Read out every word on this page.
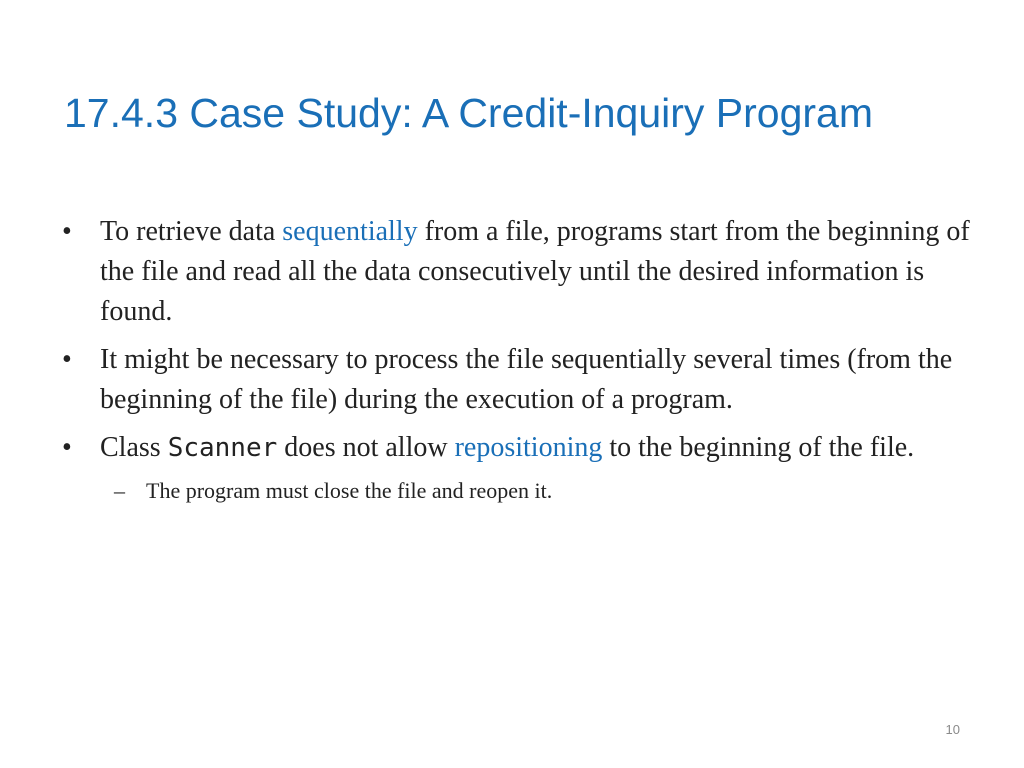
17.4.3 Case Study: A Credit-Inquiry Program
•	To retrieve data sequentially from a file, programs start from the beginning of the file and read all the data consecutively until the desired information is found.
•	It might be necessary to process the file sequentially several times (from the beginning of the file) during the execution of a program.
•	Class Scanner does not allow repositioning to the beginning of the file.
– The program must close the file and reopen it.
10
